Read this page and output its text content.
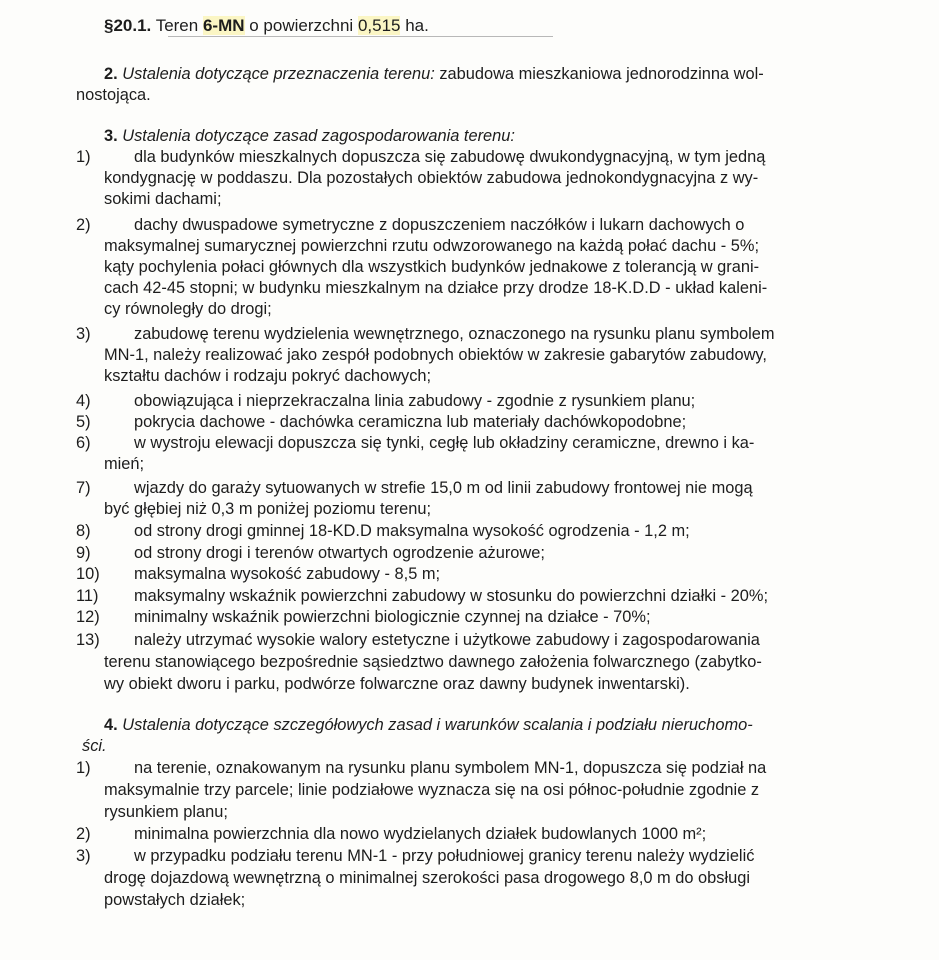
§20.1. Teren 6-MN o powierzchni 0,515 ha.
2. Ustalenia dotyczące przeznaczenia terenu: zabudowa mieszkaniowa jednorodzinna wol-
nostojąca.
3. Ustalenia dotyczące zasad zagospodarowania terenu:
1)	dla budynków mieszkalnych dopuszcza się zabudowę dwukondygnacyjną, w tym jedną
kondygnację w poddaszu. Dla pozostałych obiektów zabudowa jednokondygnacyjna z wy-
sokimi dachami;
2)	dachy dwuspadowe symetryczne z dopuszczeniem naczółków i lukarn dachowych o
maksymalnej sumarycznej powierzchni rzutu odwzorowanego na każdą połać dachu - 5%;
kąty pochylenia połaci głównych dla wszystkich budynków jednakowe z tolerancją w grani-
cach 42-45 stopni; w budynku mieszkalnym na działce przy drodze 18-K.D.D - układ kaleni-
cy równoległy do drogi;
3)	zabudowę terenu wydzielenia wewnętrznego, oznaczonego na rysunku planu symbolem
MN-1, należy realizować jako zespół podobnych obiektów w zakresie gabarytów zabudowy,
kształtu dachów i rodzaju pokryć dachowych;
4)	obowiązująca i nieprzekraczalna linia zabudowy - zgodnie z rysunkiem planu;
5)	pokrycia dachowe - dachówka ceramiczna lub materiały dachówkopodobne;
6)	w wystroju elewacji dopuszcza się tynki, cegłę lub okładziny ceramiczne, drewno i ka-
mień;
7)	wjazdy do garaży sytuowanych w strefie 15,0 m od linii zabudowy frontowej nie mogą
być głębiej niż 0,3 m poniżej poziomu terenu;
8)	od strony drogi gminnej 18-KD.D maksymalna wysokość ogrodzenia - 1,2 m;
9)	od strony drogi i terenów otwartych ogrodzenie ażurowe;
10) maksymalna wysokość zabudowy - 8,5 m;
11) maksymalny wskaźnik powierzchni zabudowy w stosunku do powierzchni działki - 20%;
12) minimalny wskaźnik powierzchni biologicznie czynnej na działce - 70%;
13) należy utrzymać wysokie walory estetyczne i użytkowe zabudowy i zagospodarowania
terenu stanowiącego bezpośrednie sąsiedztwo dawnego założenia folwarcznego (zabytko-
wy obiekt dworu i parku, podwórze folwarczne oraz dawny budynek inwentarski).
4. Ustalenia dotyczące szczegółowych zasad i warunków scalania i podziału nieruchomo-
ści.
1)	na terenie, oznakowanym na rysunku planu symbolem MN-1, dopuszcza się podział na
maksymalnie trzy parcele; linie podziałowe wyznacza się na osi północ-południe zgodnie z
rysunkiem planu;
2)	minimalna powierzchnia dla nowo wydzielanych działek budowlanych 1000 m²;
3)	w przypadku podziału terenu MN-1 - przy południowej granicy terenu należy wydzielić
drogę dojazdową wewnętrzną o minimalnej szerokości pasa drogowego 8,0 m do obsługi
powstałych działek;
